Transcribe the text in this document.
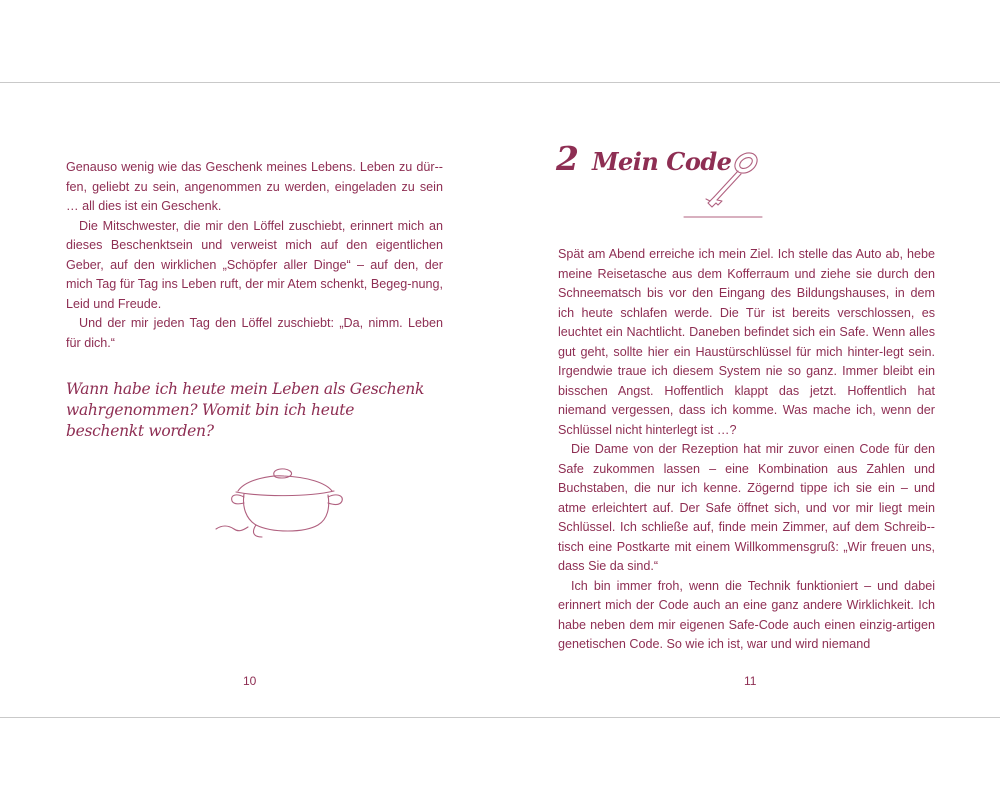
Genauso wenig wie das Geschenk meines Lebens. Leben zu dür-fen, geliebt zu sein, angenommen zu werden, eingeladen zu sein … all dies ist ein Geschenk.

Die Mitschwester, die mir den Löffel zuschiebt, erinnert mich an dieses Beschenktsein und verweist mich auf den eigentlichen Geber, auf den wirklichen „Schöpfer aller Dinge“ – auf den, der mich Tag für Tag ins Leben ruft, der mir Atem schenkt, Begeg-nung, Leid und Freude.

Und der mir jeden Tag den Löffel zuschiebt: „Da, nimm. Leben für dich.“

Wann habe ich heute mein Leben als Geschenk
wahrgenommen? Womit bin ich heute beschenkt worden?
10
2 Mein Code

Spät am Abend erreiche ich mein Ziel. Ich stelle das Auto ab, hebe meine Reisetasche aus dem Kofferraum und ziehe sie durch den Schneematsch bis vor den Eingang des Bildungshauses, in dem ich heute schlafen werde. Die Tür ist bereits verschlossen, es leuchtet ein Nachtlicht. Daneben befindet sich ein Safe. Wenn alles gut geht, sollte hier ein Haustürschlüssel für mich hinter-legt sein. Irgendwie traue ich diesem System nie so ganz. Immer bleibt ein bisschen Angst. Hoffentlich klappt das jetzt. Hoffentlich hat niemand vergessen, dass ich komme. Was mache ich, wenn der Schlüssel nicht hinterlegt ist …?

Die Dame von der Rezeption hat mir zuvor einen Code für den Safe zukommen lassen – eine Kombination aus Zahlen und Buchstaben, die nur ich kenne. Zögernd tippe ich sie ein – und atme erleichtert auf. Der Safe öffnet sich, und vor mir liegt mein Schlüssel. Ich schließe auf, finde mein Zimmer, auf dem Schreib-tisch eine Postkarte mit einem Willkommensgruß: „Wir freuen uns, dass Sie da sind.“

Ich bin immer froh, wenn die Technik funktioniert – und dabei erinnert mich der Code auch an eine ganz andere Wirklichkeit. Ich habe neben dem mir eigenen Safe-Code auch einen einzig-artigen genetischen Code. So wie ich ist, war und wird niemand

11
